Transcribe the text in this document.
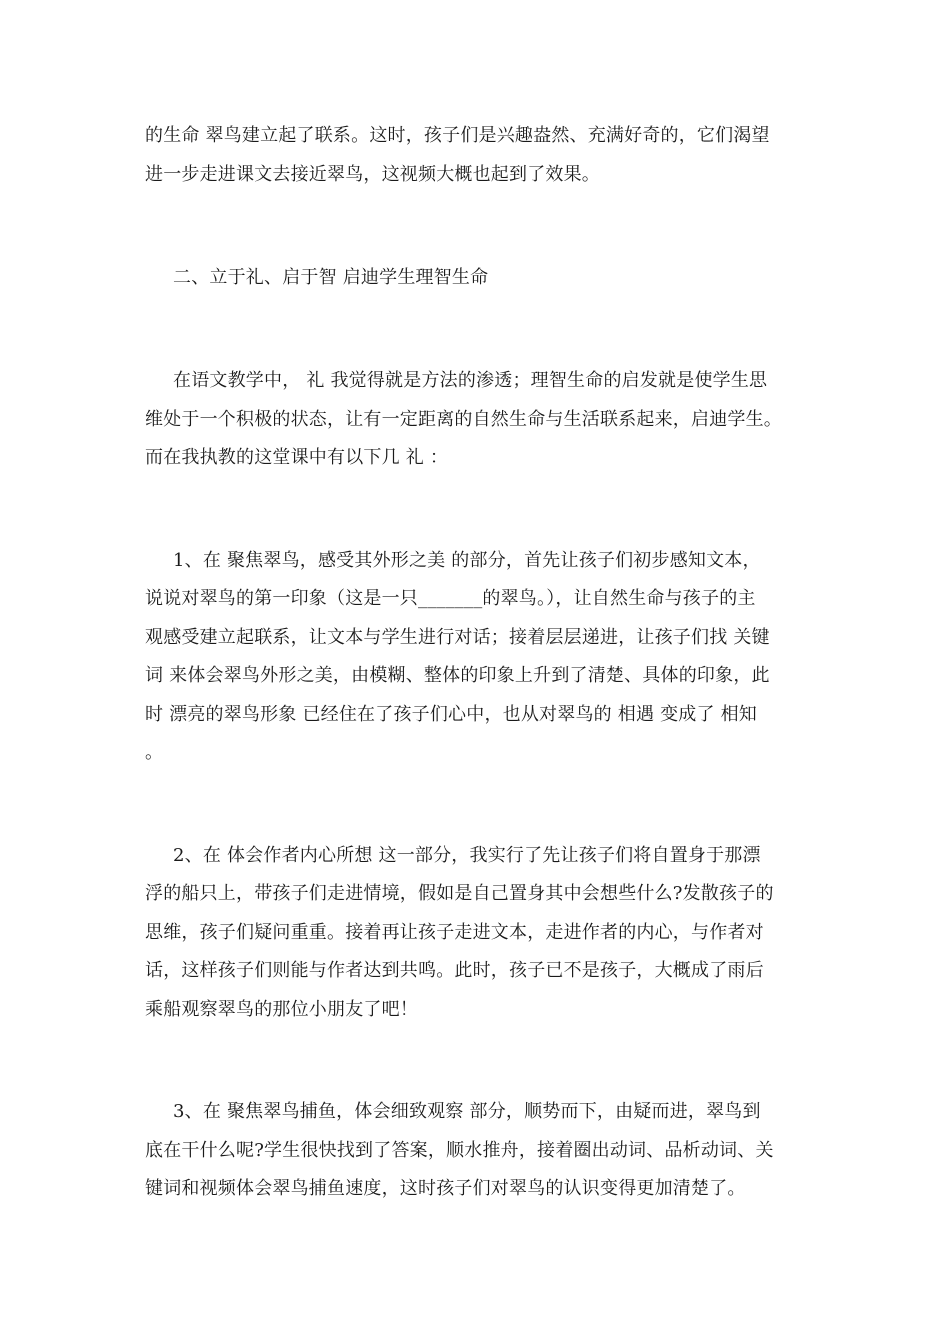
的生命 翠鸟建立起了联系。这时，孩子们是兴趣盎然、充满好奇的，它们渴望
进一步走进课文去接近翠鸟，这视频大概也起到了效果。
二、立于礼、启于智 启迪学生理智生命
在语文教学中， 礼 我觉得就是方法的渗透；理智生命的启发就是使学生思
维处于一个积极的状态，让有一定距离的自然生命与生活联系起来，启迪学生。
而在我执教的这堂课中有以下几 礼 ：
1、在 聚焦翠鸟，感受其外形之美 的部分，首先让孩子们初步感知文本，
说说对翠鸟的第一印象（这是一只_______的翠鸟。），让自然生命与孩子的主
观感受建立起联系，让文本与学生进行对话；接着层层递进，让孩子们找 关键
词 来体会翠鸟外形之美，由模糊、整体的印象上升到了清楚、具体的印象，此
时 漂亮的翠鸟形象 已经住在了孩子们心中，也从对翠鸟的 相遇 变成了 相知
。
2、在 体会作者内心所想 这一部分，我实行了先让孩子们将自置身于那漂
浮的船只上，带孩子们走进情境，假如是自己置身其中会想些什么?发散孩子的
思维，孩子们疑问重重。接着再让孩子走进文本，走进作者的内心，与作者对
话，这样孩子们则能与作者达到共鸣。此时，孩子已不是孩子，大概成了雨后
乘船观察翠鸟的那位小朋友了吧！
3、在 聚焦翠鸟捕鱼，体会细致观察 部分，顺势而下，由疑而进，翠鸟到
底在干什么呢?学生很快找到了答案，顺水推舟，接着圈出动词、品析动词、关
键词和视频体会翠鸟捕鱼速度，这时孩子们对翠鸟的认识变得更加清楚了。
